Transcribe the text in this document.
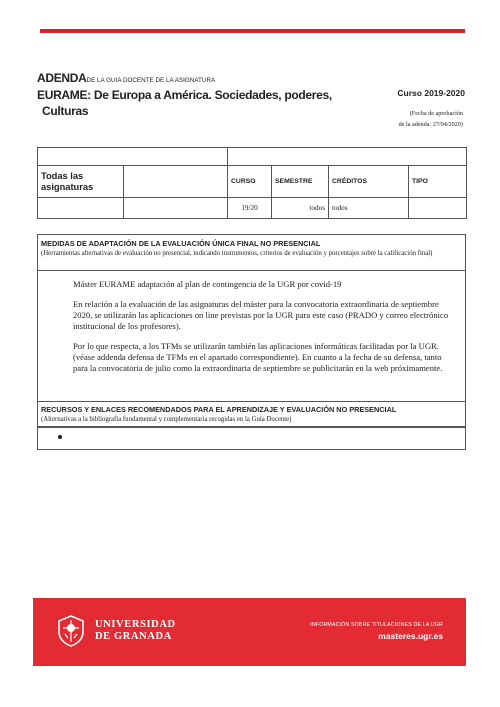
ADENDADE LA GUIA DOCENTE DE LA ASIGNATURA
EURAME: De Europa a América. Sociedades, poderes,
Culturas
Curso 2019-2020
(Fecha de aprobación
de la adenda: 27/04/2020)

Todas las asignaturas		CURSO	SEMESTRE	CRÉDITOS	TIPO
		19/20	todos	todos	
MEDIDAS DE ADAPTACIÓN DE LA EVALUACIÓN ÚNICA FINAL NO PRESENCIAL
(Herramientas alternativas de evaluación no presencial, indicando instrumentos, criterios de evaluación y porcentajes sobre la calificación final)

Máster EURAME adaptación al plan de contingencia de la UGR por covid-19

En relación a la evaluación de las asignaturas del máster para la convocatoria extraordinaria de septiembre 2020, se utilizarán las aplicaciones on line previstas por la UGR para este caso (PRADO y correo electrónico institucional de los profesores).

Por lo que respecta, a los TFMs se utilizarán también las aplicaciones informáticas facilitadas por la UGR. (véase addenda defensa de TFMs en el apartado correspondiente). En cuanto a la fecha de su defensa, tanto para la convocatoria de julio como la extraordinaria de septiembre se publicitarán en la web próximamente.

RECURSOS Y ENLACES RECOMENDADOS PARA EL APRENDIZAJE Y EVALUACIÓN NO PRESENCIAL
(Alternativas a la bibliografía fundamental y complementaria recogidas en la Guía Docente)
UNIVERSIDAD
DE GRANADA
INFORMACIÓN SOBRE TITULACIONES DE LA UGR
masteres.ugr.es
